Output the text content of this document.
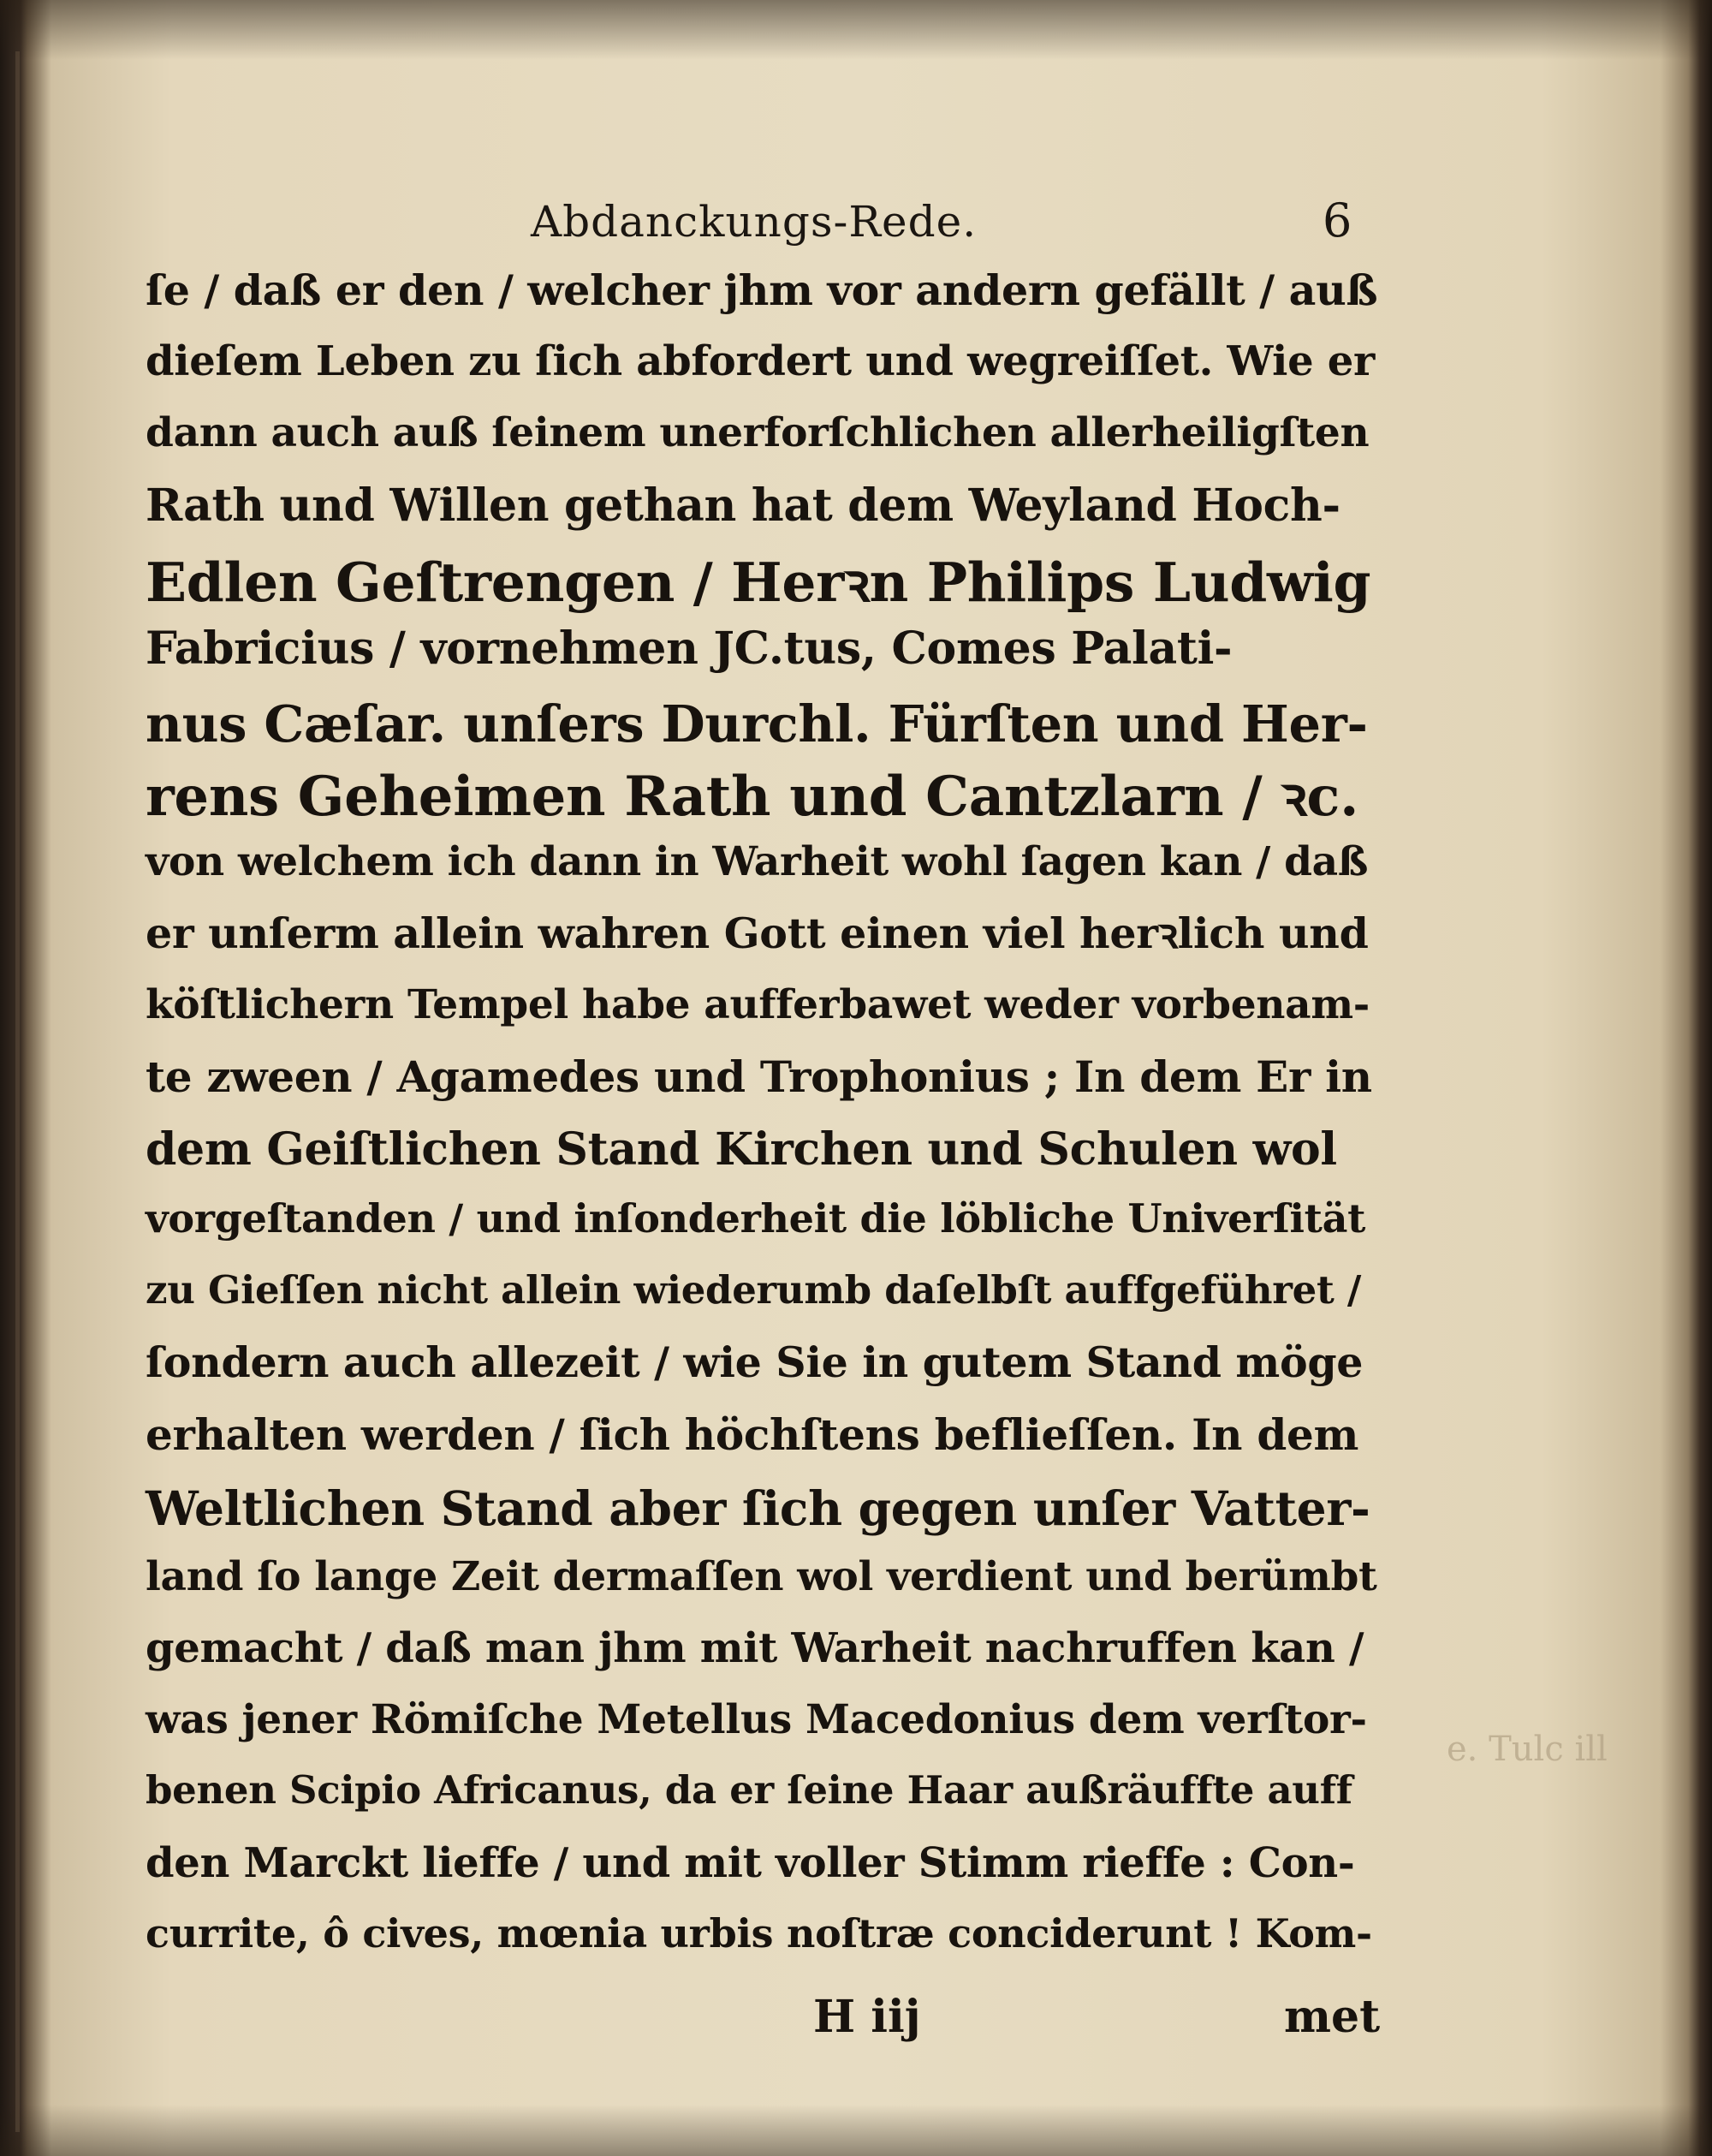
Abdanckungs-Rede.	6
ſe / daß er den / welcher jhm vor andern gefällt / auß
dieſem Leben zu ſich abfordert und wegreiſſet. Wie er
dann auch auß ſeinem unerforſchlichen allerheiligſten
Rath und Willen gethan hat dem Weyland Hoch-
Edlen Geſtrengen / Herꝛn Philips Ludwig
Fabricius / vornehmen JC.tus, Comes Palati-
nus Cæſar. unſers Durchl. Fürſten und Her-
rens Geheimen Rath und Cantzlarn / ꝛc.
von welchem ich dann in Warheit wohl ſagen kan / daß
er unſerm allein wahren Gott einen viel herꝛlich und
köſtlichern Tempel habe aufferbawet weder vorbenam-
te zween / Agamedes und Trophonius ; In dem Er in
dem Geiſtlichen Stand Kirchen und Schulen wol
vorgeſtanden / und inſonderheit die löbliche Univerſität
zu Gieſſen nicht allein wiederumb daſelbſt auffgeführet /
ſondern auch allezeit / wie Sie in gutem Stand möge
erhalten werden / ſich höchſtens beflieſſen. In dem
Weltlichen Stand aber ſich gegen unſer Vatter-
land ſo lange Zeit dermaſſen wol verdient und berümbt
gemacht / daß man jhm mit Warheit nachruffen kan /
was jener Römiſche Metellus Macedonius dem verſtor-
benen Scipio Africanus, da er ſeine Haar außräuffte auff
den Marckt lieffe / und mit voller Stimm rieffe : Con-
currite, ô cives, mœnia urbis noſtræ conciderunt ! Kom-
e. Tulc ill
H iij	met
